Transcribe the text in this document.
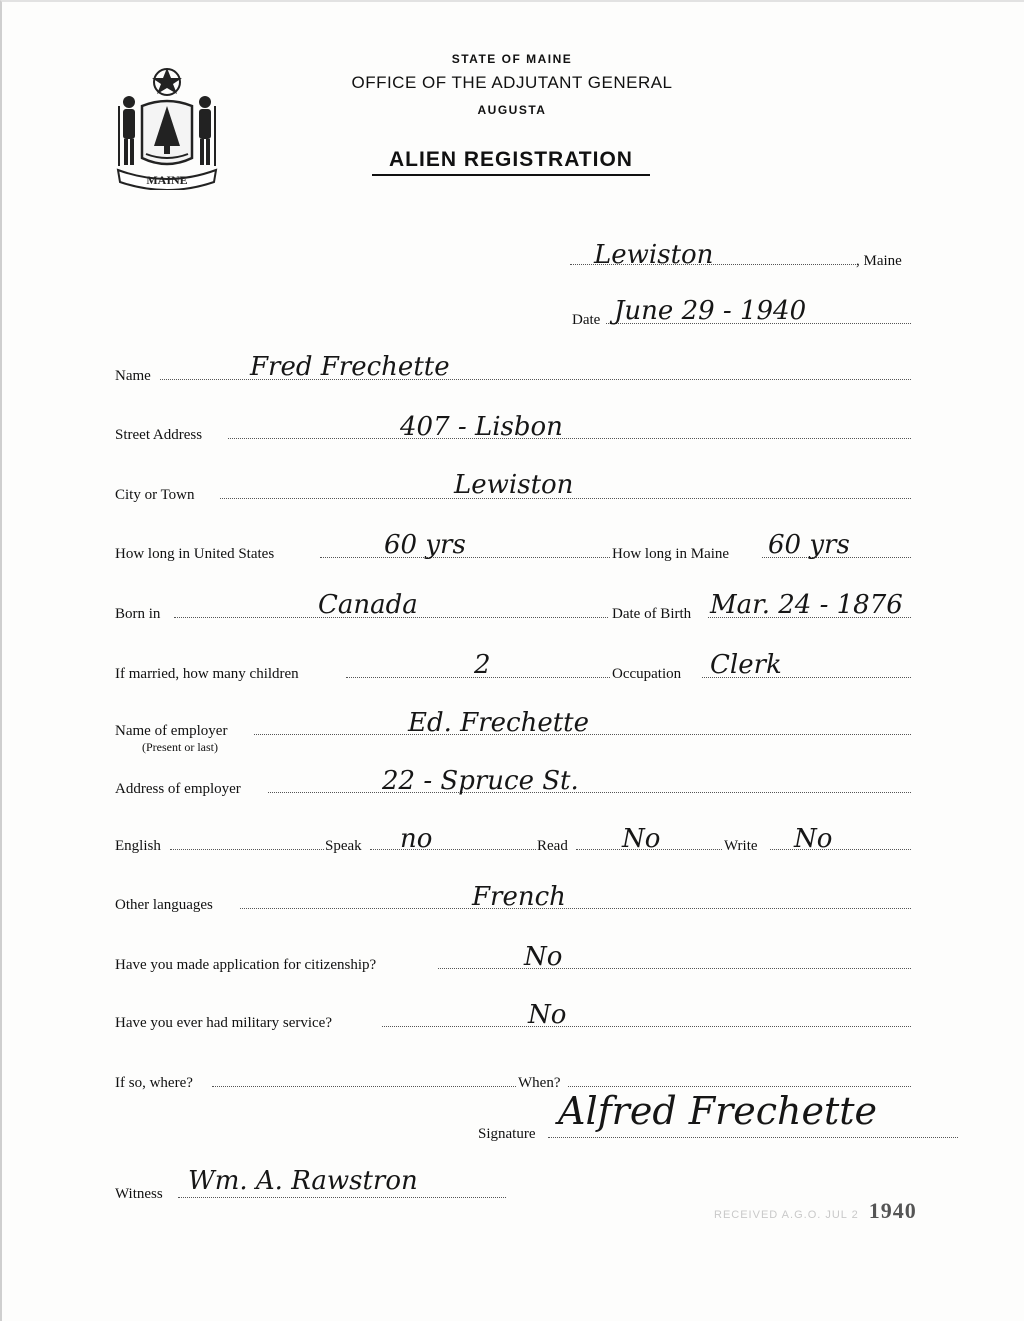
MAINE
STATE OF MAINE
OFFICE OF THE ADJUTANT GENERAL
AUGUSTA
ALIEN REGISTRATION
Lewiston	, Maine
Date June 29 - 1940
Name	Fred Frechette
Street Address	407 - Lisbon
City or Town	Lewiston
How long in United States	60 yrs	How long in Maine 60 yrs
Born in	Canada	Date of Birth Mar. 24 - 1876
If married, how many children	2	Occupation Clerk
Name of employer
(Present or last)
Ed. Frechette
Address of employer	22 - Spruce St.
English	Speak no	Read No	Write No
Other languages	French
Have you made application for citizenship?	No
Have you ever had military service?	No
If so, where?	When?
Signature
Alfred Frechette
Witness Wm. A. Rawstron
RECEIVED A.G.O. JUL 2 1940
